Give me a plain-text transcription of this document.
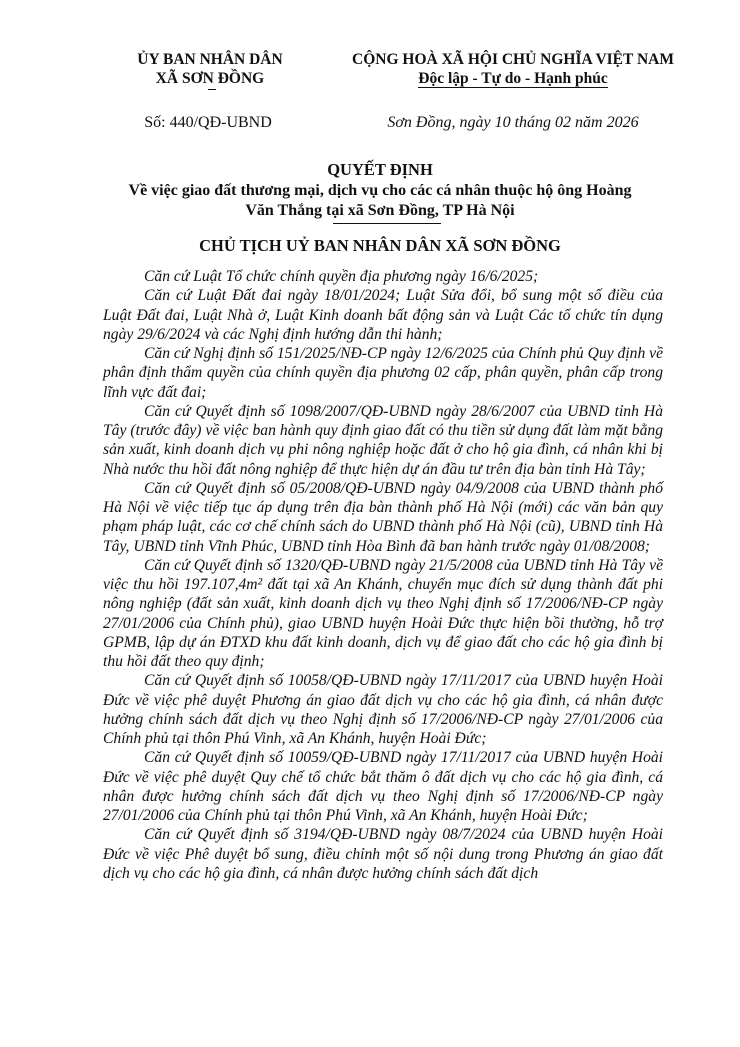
ỦY BAN NHÂN DÂN
XÃ SƠN ĐỒNG
CỘNG HOÀ XÃ HỘI CHỦ NGHĨA VIỆT NAM
Độc lập - Tự do - Hạnh phúc
Số: 440/QĐ-UBND	Sơn Đồng, ngày 10 tháng 02 năm 2026
QUYẾT ĐỊNH
Về việc giao đất thương mại, dịch vụ cho các cá nhân thuộc hộ ông Hoàng
Văn Thắng tại xã Sơn Đồng, TP Hà Nội
CHỦ TỊCH UỶ BAN NHÂN DÂN XÃ SƠN ĐỒNG

Căn cứ Luật Tổ chức chính quyền địa phương ngày 16/6/2025;

Căn cứ Luật Đất đai ngày 18/01/2024; Luật Sửa đổi, bổ sung một số điều của Luật Đất đai, Luật Nhà ở, Luật Kinh doanh bất động sản và Luật Các tổ chức tín dụng ngày 29/6/2024 và các Nghị định hướng dẫn thi hành;

Căn cứ Nghị định số 151/2025/NĐ-CP ngày 12/6/2025 của Chính phủ Quy định về phân định thẩm quyền của chính quyền địa phương 02 cấp, phân quyền, phân cấp trong lĩnh vực đất đai;

Căn cứ Quyết định số 1098/2007/QĐ-UBND ngày 28/6/2007 của UBND tỉnh Hà Tây (trước đây) về việc ban hành quy định giao đất có thu tiền sử dụng đất làm mặt bằng sản xuất, kinh doanh dịch vụ phi nông nghiệp hoặc đất ở cho hộ gia đình, cá nhân khi bị Nhà nước thu hồi đất nông nghiệp để thực hiện dự án đầu tư trên địa bàn tỉnh Hà Tây;

Căn cứ Quyết định số 05/2008/QĐ-UBND ngày 04/9/2008 của UBND thành phố Hà Nội về việc tiếp tục áp dụng trên địa bàn thành phố Hà Nội (mới) các văn bản quy phạm pháp luật, các cơ chế chính sách do UBND thành phố Hà Nội (cũ), UBND tỉnh Hà Tây, UBND tỉnh Vĩnh Phúc, UBND tỉnh Hòa Bình đã ban hành trước ngày 01/08/2008;

Căn cứ Quyết định số 1320/QĐ-UBND ngày 21/5/2008 của UBND tỉnh Hà Tây về việc thu hồi 197.107,4m² đất tại xã An Khánh, chuyển mục đích sử dụng thành đất phi nông nghiệp (đất sản xuất, kinh doanh dịch vụ theo Nghị định số 17/2006/NĐ-CP ngày 27/01/2006 của Chính phủ), giao UBND huyện Hoài Đức thực hiện bồi thường, hỗ trợ GPMB, lập dự án ĐTXD khu đất kinh doanh, dịch vụ để giao đất cho các hộ gia đình bị thu hồi đất theo quy định;

Căn cứ Quyết định số 10058/QĐ-UBND ngày 17/11/2017 của UBND huyện Hoài Đức về việc phê duyệt Phương án giao đất dịch vụ cho các hộ gia đình, cá nhân được hưởng chính sách đất dịch vụ theo Nghị định số 17/2006/NĐ-CP ngày 27/01/2006 của Chính phủ tại thôn Phú Vinh, xã An Khánh, huyện Hoài Đức;

Căn cứ Quyết định số 10059/QĐ-UBND ngày 17/11/2017 của UBND huyện Hoài Đức về việc phê duyệt Quy chế tổ chức bắt thăm ô đất dịch vụ cho các hộ gia đình, cá nhân được hưởng chính sách đất dịch vụ theo Nghị định số 17/2006/NĐ-CP ngày 27/01/2006 của Chính phủ tại thôn Phú Vinh, xã An Khánh, huyện Hoài Đức;

Căn cứ Quyết định số 3194/QĐ-UBND ngày 08/7/2024 của UBND huyện Hoài Đức về việc Phê duyệt bổ sung, điều chỉnh một số nội dung trong Phương án giao đất dịch vụ cho các hộ gia đình, cá nhân được hưởng chính sách đất dịch
